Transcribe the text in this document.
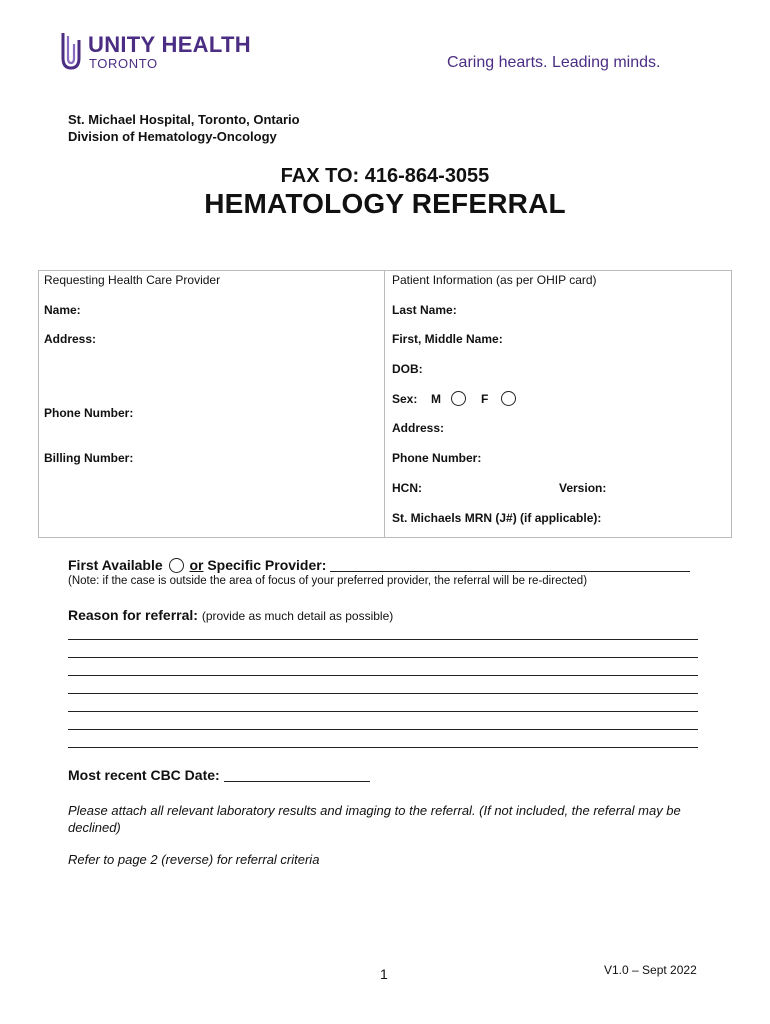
UNITY HEALTH
TORONTO	Caring hearts. Leading minds.
St. Michael Hospital, Toronto, Ontario
Division of Hematology-Oncology
FAX TO: 416-864-3055
HEMATOLOGY REFERRAL
Requesting Health Care Provider
Name:
Address:
Phone Number:
Billing Number:
Patient Information (as per OHIP card)
Last Name:
First, Middle Name:
DOB:
Sex: M	F
Address:
Phone Number:
HCN:	Version:
St. Michaels MRN (J#) (if applicable):
First Available or Specific Provider:
(Note: if the case is outside the area of focus of your preferred provider, the referral will be re-directed)
Reason for referral: (provide as much detail as possible)
Most recent CBC Date:
Please attach all relevant laboratory results and imaging to the referral. (If not included, the referral may be declined)
Refer to page 2 (reverse) for referral criteria
1	V1.0 – Sept 2022
